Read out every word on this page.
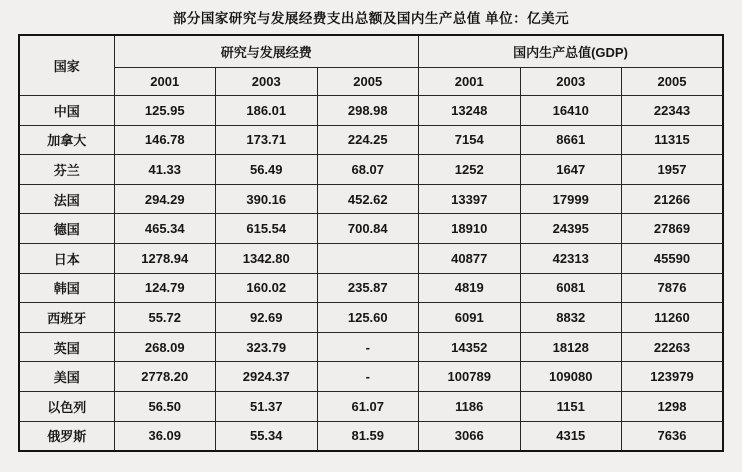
部分国家研究与发展经费支出总额及国内生产总值 单位：亿美元
国家	研究与发展经费			国内生产总值(GDP)		
	2001	2003	2005	2001	2003	2005
中国	125.95	186.01	298.98	13248	16410	22343
加拿大	146.78	173.71	224.25	7154	8661	11315
芬兰	41.33	56.49	68.07	1252	1647	1957
法国	294.29	390.16	452.62	13397	17999	21266
德国	465.34	615.54	700.84	18910	24395	27869
日本	1278.94	1342.80		40877	42313	45590
韩国	124.79	160.02	235.87	4819	6081	7876
西班牙	55.72	92.69	125.60	6091	8832	11260
英国	268.09	323.79	-	14352	18128	22263
美国	2778.20	2924.37	-	100789	109080	123979
以色列	56.50	51.37	61.07	1186	1151	1298
俄罗斯	36.09	55.34	81.59	3066	4315	7636
